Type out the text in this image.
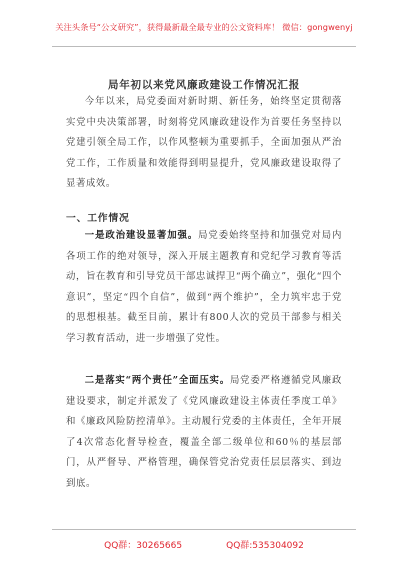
关注头条号“公文研究”，获得最新最全最专业的公文资料库！ 微信：gongwenyj
局年初以来党风廉政建设工作情况汇报

今年以来，局党委面对新时期、新任务，始终坚定贯彻落实党中央决策部署，时刻将党风廉政建设作为首要任务坚持以党建引领全局工作，以作风整顿为重要抓手，全面加强从严治党工作，工作质量和效能得到明显提升，党风廉政建设取得了显著成效。

一、工作情况

一是政治建设显著加强。局党委始终坚持和加强党对局内各项工作的绝对领导，深入开展主题教育和党纪学习教育等活动，旨在教育和引导党员干部忠诚捍卫“两个确立”，强化“四个意识”，坚定“四个自信”，做到“两个维护”，全力筑牢忠于党的思想根基。截至目前，累计有800人次的党员干部参与相关学习教育活动，进一步增强了党性。

二是落实“两个责任”全面压实。局党委严格遵循党风廉政建设要求，制定并派发了《党风廉政建设主体责任季度工单》和《廉政风险防控清单》。主动履行党委的主体责任，全年开展了4次常态化督导检查，覆盖全部二级单位和60％的基层部门，从严督导、严格管理，确保管党治党责任层层落实、到边到底。

QQ群：30265665	QQ群:535304092
